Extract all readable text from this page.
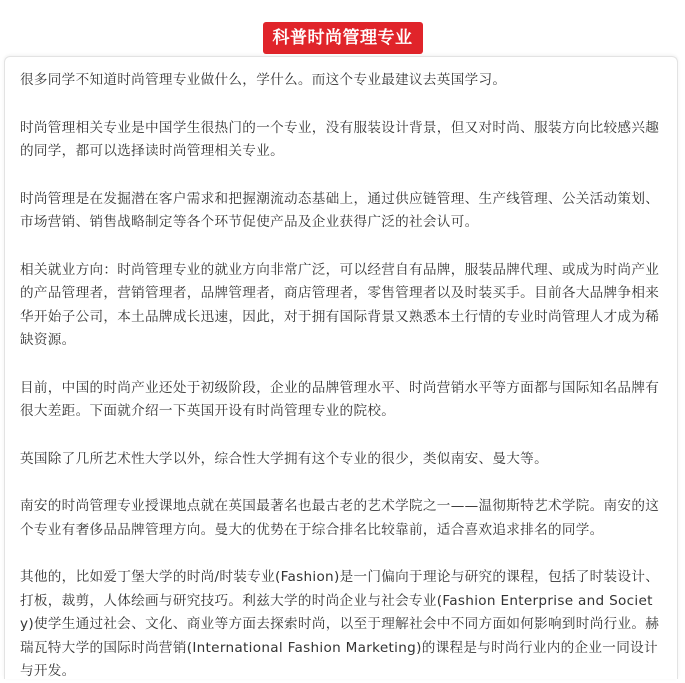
科普时尚管理专业

很多同学不知道时尚管理专业做什么，学什么。而这个专业最建议去英国学习。

时尚管理相关专业是中国学生很热门的一个专业，没有服装设计背景，但又对时尚、服装方向比较感兴趣的同学，都可以选择读时尚管理相关专业。

时尚管理是在发掘潜在客户需求和把握潮流动态基础上，通过供应链管理、生产线管理、公关活动策划、市场营销、销售战略制定等各个环节促使产品及企业获得广泛的社会认可。

相关就业方向：时尚管理专业的就业方向非常广泛，可以经营自有品牌，服装品牌代理、或成为时尚产业的产品管理者，营销管理者，品牌管理者，商店管理者，零售管理者以及时装买手。目前各大品牌争相来华开始子公司，本土品牌成长迅速，因此，对于拥有国际背景又熟悉本土行情的专业时尚管理人才成为稀缺资源。

目前，中国的时尚产业还处于初级阶段，企业的品牌管理水平、时尚营销水平等方面都与国际知名品牌有很大差距。下面就介绍一下英国开设有时尚管理专业的院校。

英国除了几所艺术性大学以外，综合性大学拥有这个专业的很少，类似南安、曼大等。

南安的时尚管理专业授课地点就在英国最著名也最古老的艺术学院之一——温彻斯特艺术学院。南安的这个专业有奢侈品品牌管理方向。曼大的优势在于综合排名比较靠前，适合喜欢追求排名的同学。

其他的，比如爱丁堡大学的时尚/时装专业(Fashion)是一门偏向于理论与研究的课程，包括了时装设计、打板，裁剪，人体绘画与研究技巧。利兹大学的时尚企业与社会专业(Fashion Enterprise and Society)使学生通过社会、文化、商业等方面去探索时尚，以至于理解社会中不同方面如何影响到时尚行业。赫瑞瓦特大学的国际时尚营销(International Fashion Marketing)的课程是与时尚行业内的企业一同设计与开发。
